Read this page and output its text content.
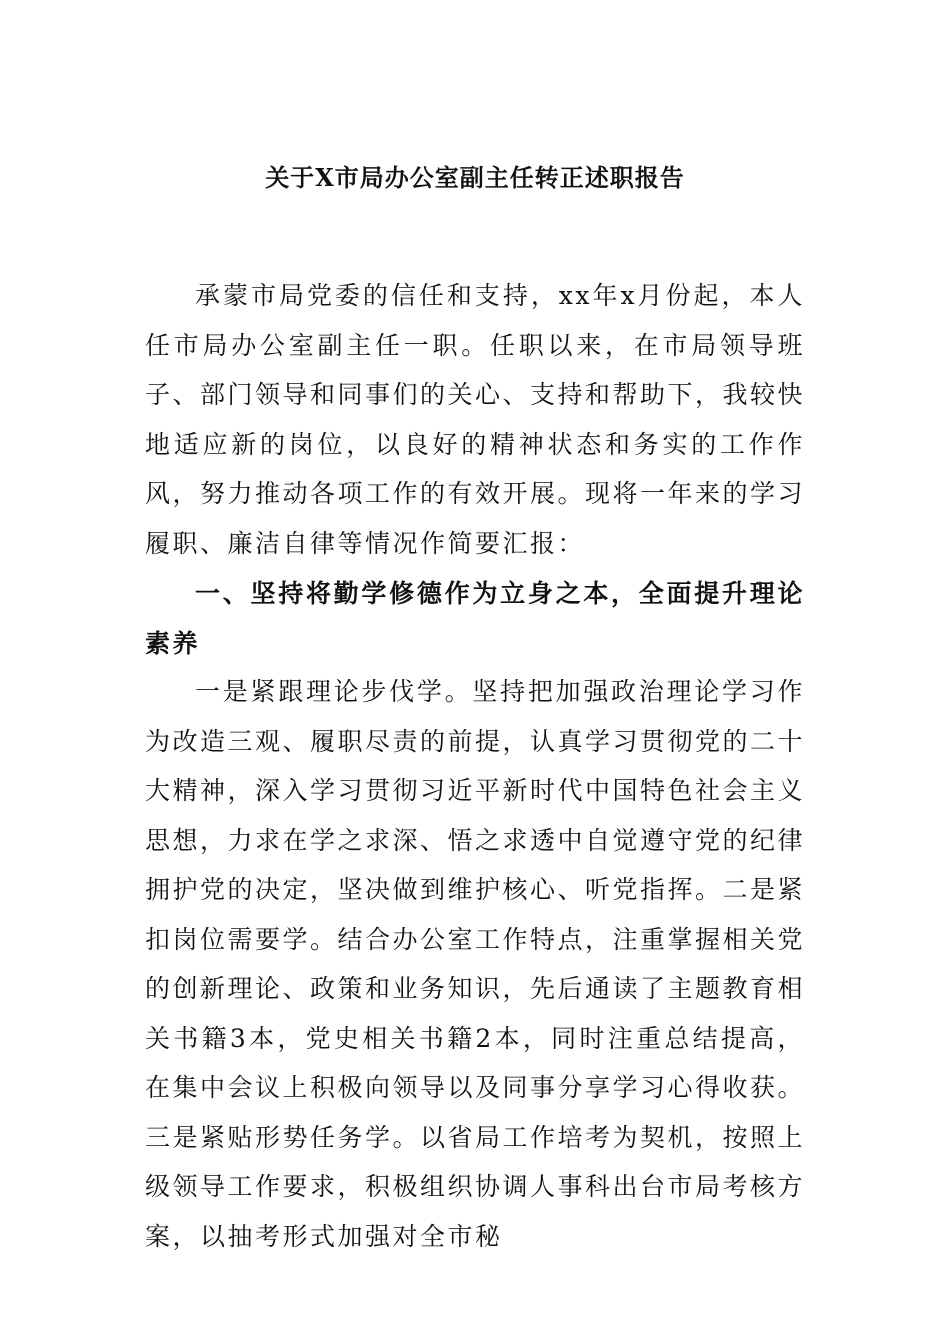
关于X市局办公室副主任转正述职报告
承蒙市局党委的信任和支持，xx年x月份起，本人任市局办公室副主任一职。任职以来，在市局领导班子、部门领导和同事们的关心、支持和帮助下，我较快地适应新的岗位，以良好的精神状态和务实的工作作风，努力推动各项工作的有效开展。现将一年来的学习履职、廉洁自律等情况作简要汇报：
一、坚持将勤学修德作为立身之本，全面提升理论素养
一是紧跟理论步伐学。坚持把加强政治理论学习作为改造三观、履职尽责的前提，认真学习贯彻党的二十大精神，深入学习贯彻习近平新时代中国特色社会主义思想，力求在学之求深、悟之求透中自觉遵守党的纪律拥护党的决定，坚决做到维护核心、听党指挥。二是紧扣岗位需要学。结合办公室工作特点，注重掌握相关党的创新理论、政策和业务知识，先后通读了主题教育相关书籍3本，党史相关书籍2本，同时注重总结提高，在集中会议上积极向领导以及同事分享学习心得收获。三是紧贴形势任务学。以省局工作培考为契机，按照上级领导工作要求，积极组织协调人事科出台市局考核方案，以抽考形式加强对全市秘
